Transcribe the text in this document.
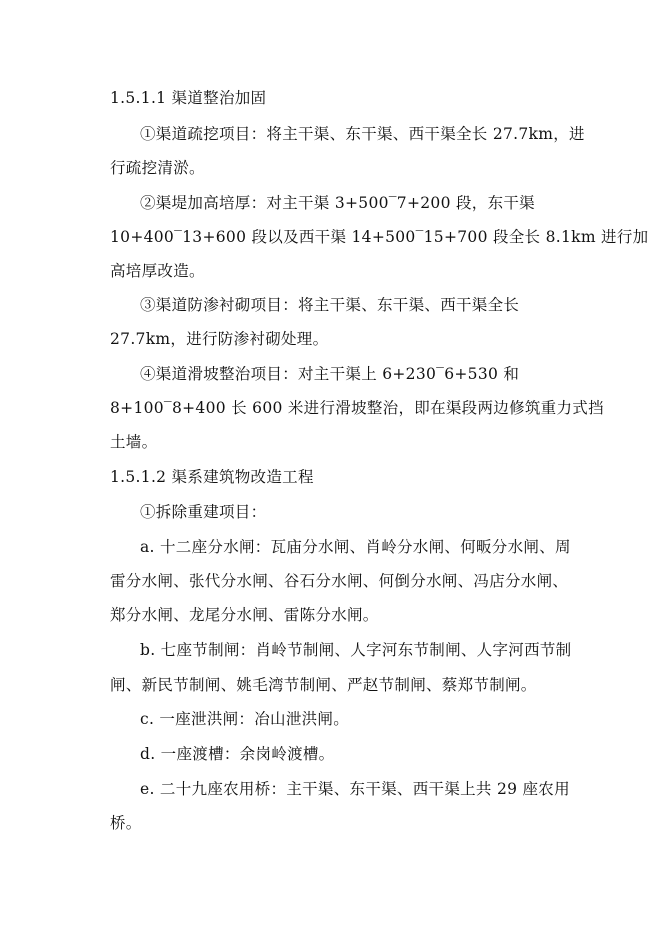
1.5.1.1 渠道整治加固
①渠道疏挖项目：将主干渠、东干渠、西干渠全长 27.7km，进
行疏挖清淤。
②渠堤加高培厚：对主干渠 3+500‾7+200 段，东干渠
10+400‾13+600 段以及西干渠 14+500‾15+700 段全长 8.1km 进行加
高培厚改造。
③渠道防渗衬砌项目：将主干渠、东干渠、西干渠全长
27.7km，进行防渗衬砌处理。
④渠道滑坡整治项目：对主干渠上 6+230‾6+530 和
8+100‾8+400 长 600 米进行滑坡整治，即在渠段两边修筑重力式挡
土墙。
1.5.1.2 渠系建筑物改造工程
①拆除重建项目：
a. 十二座分水闸：瓦庙分水闸、肖岭分水闸、何畈分水闸、周
雷分水闸、张代分水闸、谷石分水闸、何倒分水闸、冯店分水闸、
郑分水闸、龙尾分水闸、雷陈分水闸。
b. 七座节制闸：肖岭节制闸、人字河东节制闸、人字河西节制
闸、新民节制闸、姚毛湾节制闸、严赵节制闸、蔡郑节制闸。
c. 一座泄洪闸：冶山泄洪闸。
d. 一座渡槽：余岗岭渡槽。
e. 二十九座农用桥：主干渠、东干渠、西干渠上共 29 座农用
桥。
